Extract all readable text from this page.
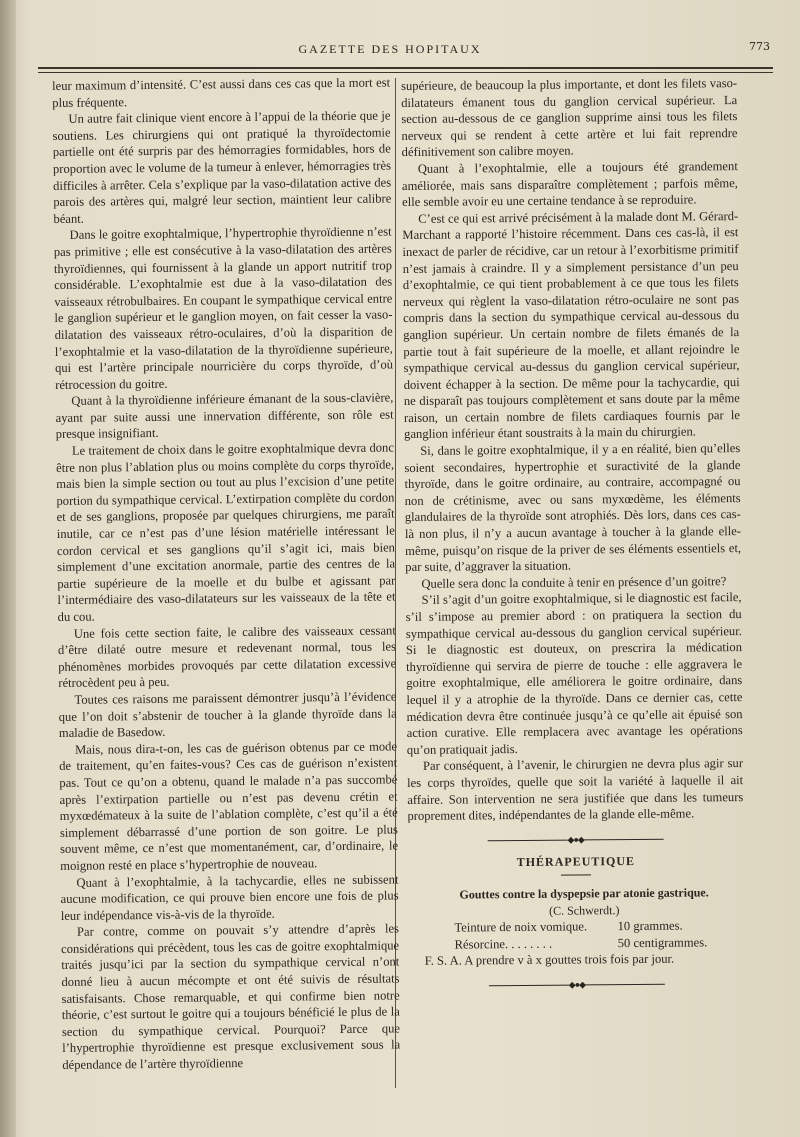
GAZETTE DES HOPITAUX	773

leur maximum d’intensité. C’est aussi dans ces cas que la mort est plus fréquente.

Un autre fait clinique vient encore à l’appui de la théorie que je soutiens. Les chirurgiens qui ont pratiqué la thyroïdectomie partielle ont été surpris par des hémorragies formidables, hors de proportion avec le volume de la tumeur à enlever, hémorragies très difficiles à arrêter. Cela s’explique par la vaso-dilatation active des parois des artères qui, malgré leur section, maintient leur calibre béant.

Dans le goitre exophtalmique, l’hypertrophie thyroïdienne n’est pas primitive ; elle est consécutive à la vaso-dilatation des artères thyroïdiennes, qui fournissent à la glande un apport nutritif trop considérable. L’exophtalmie est due à la vaso-dilatation des vaisseaux rétrobulbaires. En coupant le sympathique cervical entre le ganglion supérieur et le ganglion moyen, on fait cesser la vaso-dilatation des vaisseaux rétro-oculaires, d’où la disparition de l’exophtalmie et la vaso-dilatation de la thyroïdienne supérieure, qui est l’artère principale nourricière du corps thyroïde, d’où rétrocession du goitre.

Quant à la thyroïdienne inférieure émanant de la sous-clavière, ayant par suite aussi une innervation différente, son rôle est presque insignifiant.

Le traitement de choix dans le goitre exophtalmique devra donc être non plus l’ablation plus ou moins complète du corps thyroïde, mais bien la simple section ou tout au plus l’excision d’une petite portion du sympathique cervical. L’extirpation complète du cordon et de ses ganglions, proposée par quelques chirurgiens, me paraît inutile, car ce n’est pas d’une lésion matérielle intéressant le cordon cervical et ses ganglions qu’il s’agit ici, mais bien simplement d’une excitation anormale, partie des centres de la partie supérieure de la moelle et du bulbe et agissant par l’intermédiaire des vaso-dilatateurs sur les vaisseaux de la tête et du cou.

Une fois cette section faite, le calibre des vaisseaux cessant d’être dilaté outre mesure et redevenant normal, tous les phénomènes morbides provoqués par cette dilatation excessive rétrocèdent peu à peu.

Toutes ces raisons me paraissent démontrer jusqu’à l’évidence que l’on doit s’abstenir de toucher à la glande thyroïde dans la maladie de Basedow.

Mais, nous dira-t-on, les cas de guérison obtenus par ce mode de traitement, qu’en faites-vous? Ces cas de guérison n’existent pas. Tout ce qu’on a obtenu, quand le malade n’a pas succombé après l’extirpation partielle ou n’est pas devenu crétin et myxœdémateux à la suite de l’ablation complète, c’est qu’il a été simplement débarrassé d’une portion de son goitre. Le plus souvent même, ce n’est que momentanément, car, d’ordinaire, le moignon resté en place s’hypertrophie de nouveau.

Quant à l’exophtalmie, à la tachycardie, elles ne subissent aucune modification, ce qui prouve bien encore une fois de plus leur indépendance vis-à-vis de la thyroïde.

Par contre, comme on pouvait s’y attendre d’après les considérations qui précèdent, tous les cas de goitre exophtalmique traités jusqu’ici par la section du sympathique cervical n’ont donné lieu à aucun mécompte et ont été suivis de résultats satisfaisants. Chose remarquable, et qui confirme bien notre théorie, c’est surtout le goitre qui a toujours bénéficié le plus de la section du sympathique cervical. Pourquoi? Parce que l’hypertrophie thyroïdienne est presque exclusivement sous la dépendance de l’artère thyroïdienne

supérieure, de beaucoup la plus importante, et dont les filets vaso-dilatateurs émanent tous du ganglion cervical supérieur. La section au-dessous de ce ganglion supprime ainsi tous les filets nerveux qui se rendent à cette artère et lui fait reprendre définitivement son calibre moyen.

Quant à l’exophtalmie, elle a toujours été grandement améliorée, mais sans disparaître complètement ; parfois même, elle semble avoir eu une certaine tendance à se reproduire.

C’est ce qui est arrivé précisément à la malade dont M. Gérard-Marchant a rapporté l’histoire récemment. Dans ces cas-là, il est inexact de parler de récidive, car un retour à l’exorbitisme primitif n’est jamais à craindre. Il y a simplement persistance d’un peu d’exophtalmie, ce qui tient probablement à ce que tous les filets nerveux qui règlent la vaso-dilatation rétro-oculaire ne sont pas compris dans la section du sympathique cervical au-dessous du ganglion supérieur. Un certain nombre de filets émanés de la partie tout à fait supérieure de la moelle, et allant rejoindre le sympathique cervical au-dessus du ganglion cervical supérieur, doivent échapper à la section. De même pour la tachycardie, qui ne disparaît pas toujours complètement et sans doute par la même raison, un certain nombre de filets cardiaques fournis par le ganglion inférieur étant soustraits à la main du chirurgien.

Si, dans le goitre exophtalmique, il y a en réalité, bien qu’elles soient secondaires, hypertrophie et suractivité de la glande thyroïde, dans le goitre ordinaire, au contraire, accompagné ou non de crétinisme, avec ou sans myxœdème, les éléments glandulaires de la thyroïde sont atrophiés. Dès lors, dans ces cas-là non plus, il n’y a aucun avantage à toucher à la glande elle-même, puisqu’on risque de la priver de ses éléments essentiels et, par suite, d’aggraver la situation.

Quelle sera donc la conduite à tenir en présence d’un goitre?

S’il s’agit d’un goitre exophtalmique, si le diagnostic est facile, s’il s’impose au premier abord : on pratiquera la section du sympathique cervical au-dessous du ganglion cervical supérieur. Si le diagnostic est douteux, on prescrira la médication thyroïdienne qui servira de pierre de touche : elle aggravera le goitre exophtalmique, elle améliorera le goitre ordinaire, dans lequel il y a atrophie de la thyroïde. Dans ce dernier cas, cette médication devra être continuée jusqu’à ce qu’elle ait épuisé son action curative. Elle remplacera avec avantage les opérations qu’on pratiquait jadis.

Par conséquent, à l’avenir, le chirurgien ne devra plus agir sur les corps thyroïdes, quelle que soit la variété à laquelle il ait affaire. Son intervention ne sera justifiée que dans les tumeurs proprement dites, indépendantes de la glande elle-même.

◆●◆
THÉRAPEUTIQUE

Gouttes contre la dyspepsie par atonie gastrique.

(C. Schwerdt.)

Teinture de noix vomique. 10 grammes.
Résorcine. . . . . . . .	50 centigrammes.

F. S. A. A prendre v à x gouttes trois fois par jour.

◆●◆
